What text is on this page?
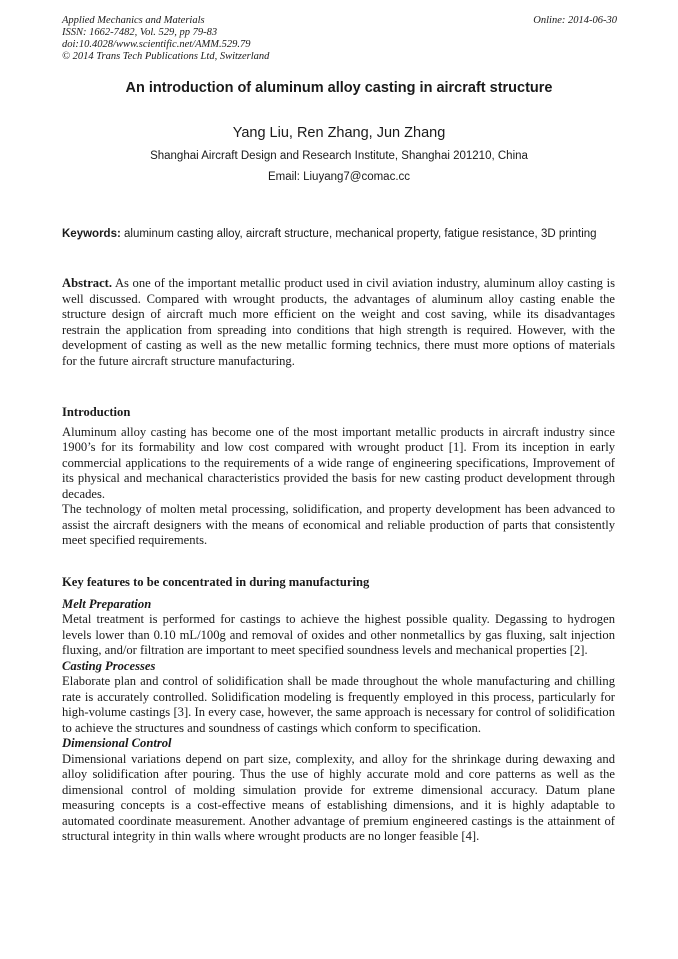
Applied Mechanics and Materials
ISSN: 1662-7482, Vol. 529, pp 79-83
doi:10.4028/www.scientific.net/AMM.529.79
© 2014 Trans Tech Publications Ltd, Switzerland
Online: 2014-06-30
An introduction of aluminum alloy casting in aircraft structure
Yang Liu, Ren Zhang, Jun Zhang
Shanghai Aircraft Design and Research Institute, Shanghai 201210, China
Email: Liuyang7@comac.cc
Keywords: aluminum casting alloy, aircraft structure, mechanical property, fatigue resistance, 3D printing
Abstract. As one of the important metallic product used in civil aviation industry, aluminum alloy casting is well discussed. Compared with wrought products, the advantages of aluminum alloy casting enable the structure design of aircraft much more efficient on the weight and cost saving, while its disadvantages restrain the application from spreading into conditions that high strength is required. However, with the development of casting as well as the new metallic forming technics, there must more options of materials for the future aircraft structure manufacturing.
Introduction

Aluminum alloy casting has become one of the most important metallic products in aircraft industry since 1900’s for its formability and low cost compared with wrought product [1]. From its inception in early commercial applications to the requirements of a wide range of engineering specifications, Improvement of its physical and mechanical characteristics provided the basis for new casting product development through decades.

The technology of molten metal processing, solidification, and property development has been advanced to assist the aircraft designers with the means of economical and reliable production of parts that consistently meet specified requirements.

Key features to be concentrated in during manufacturing
Melt Preparation

Metal treatment is performed for castings to achieve the highest possible quality. Degassing to hydrogen levels lower than 0.10 mL/100g and removal of oxides and other nonmetallics by gas fluxing, salt injection fluxing, and/or filtration are important to meet specified soundness levels and mechanical properties [2].

Casting Processes

Elaborate plan and control of solidification shall be made throughout the whole manufacturing and chilling rate is accurately controlled. Solidification modeling is frequently employed in this process, particularly for high-volume castings [3]. In every case, however, the same approach is necessary for control of solidification to achieve the structures and soundness of castings which conform to specification.

Dimensional Control

Dimensional variations depend on part size, complexity, and alloy for the shrinkage during dewaxing and alloy solidification after pouring. Thus the use of highly accurate mold and core patterns as well as the dimensional control of molding simulation provide for extreme dimensional accuracy. Datum plane measuring concepts is a cost-effective means of establishing dimensions, and it is highly adaptable to automated coordinate measurement. Another advantage of premium engineered castings is the attainment of structural integrity in thin walls where wrought products are no longer feasible [4].
